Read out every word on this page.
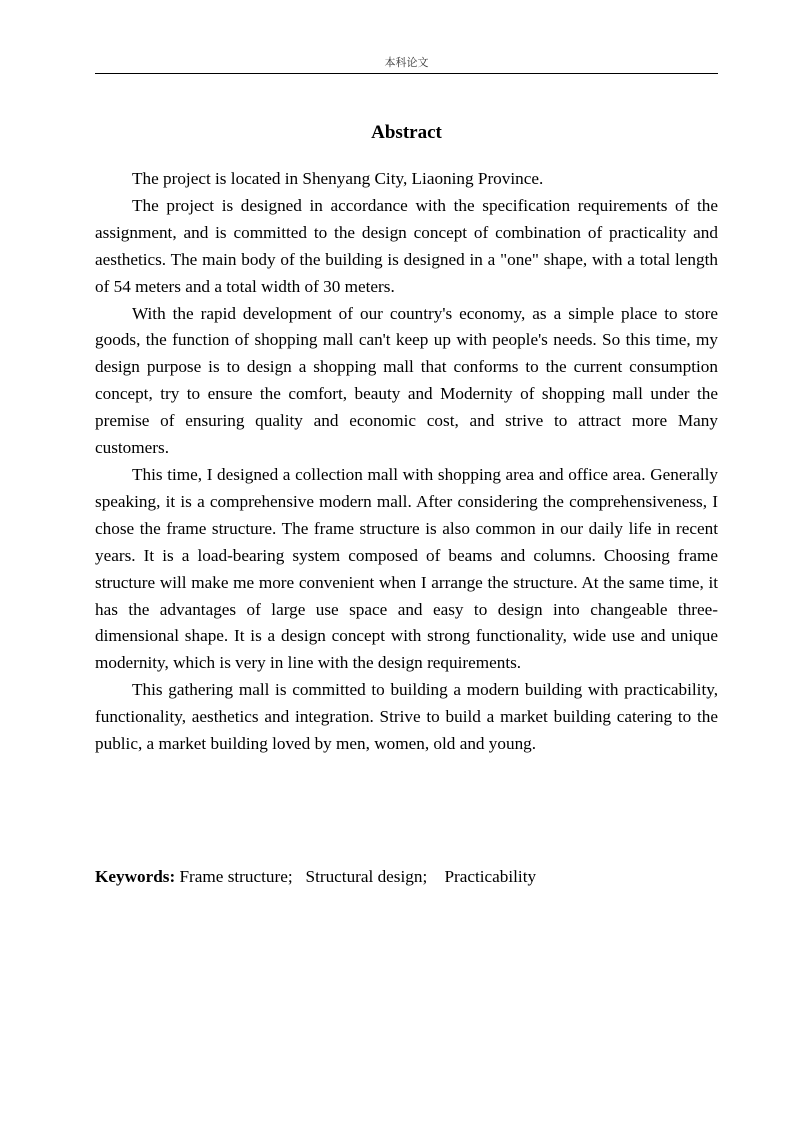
本科论文
Abstract

The project is located in Shenyang City, Liaoning Province.

The project is designed in accordance with the specification requirements of the assignment, and is committed to the design concept of combination of practicality and aesthetics. The main body of the building is designed in a "one" shape, with a total length of 54 meters and a total width of 30 meters.

With the rapid development of our country's economy, as a simple place to store goods, the function of shopping mall can't keep up with people's needs. So this time, my design purpose is to design a shopping mall that conforms to the current consumption concept, try to ensure the comfort, beauty and Modernity of shopping mall under the premise of ensuring quality and economic cost, and strive to attract more Many customers.

This time, I designed a collection mall with shopping area and office area. Generally speaking, it is a comprehensive modern mall. After considering the comprehensiveness, I chose the frame structure. The frame structure is also common in our daily life in recent years. It is a load-bearing system composed of beams and columns. Choosing frame structure will make me more convenient when I arrange the structure. At the same time, it has the advantages of large use space and easy to design into changeable three-dimensional shape. It is a design concept with strong functionality, wide use and unique modernity, which is very in line with the design requirements.

This gathering mall is committed to building a modern building with practicability, functionality, aesthetics and integration. Strive to build a market building catering to the public, a market building loved by men, women, old and young.

Keywords: Frame structure; Structural design; Practicability
